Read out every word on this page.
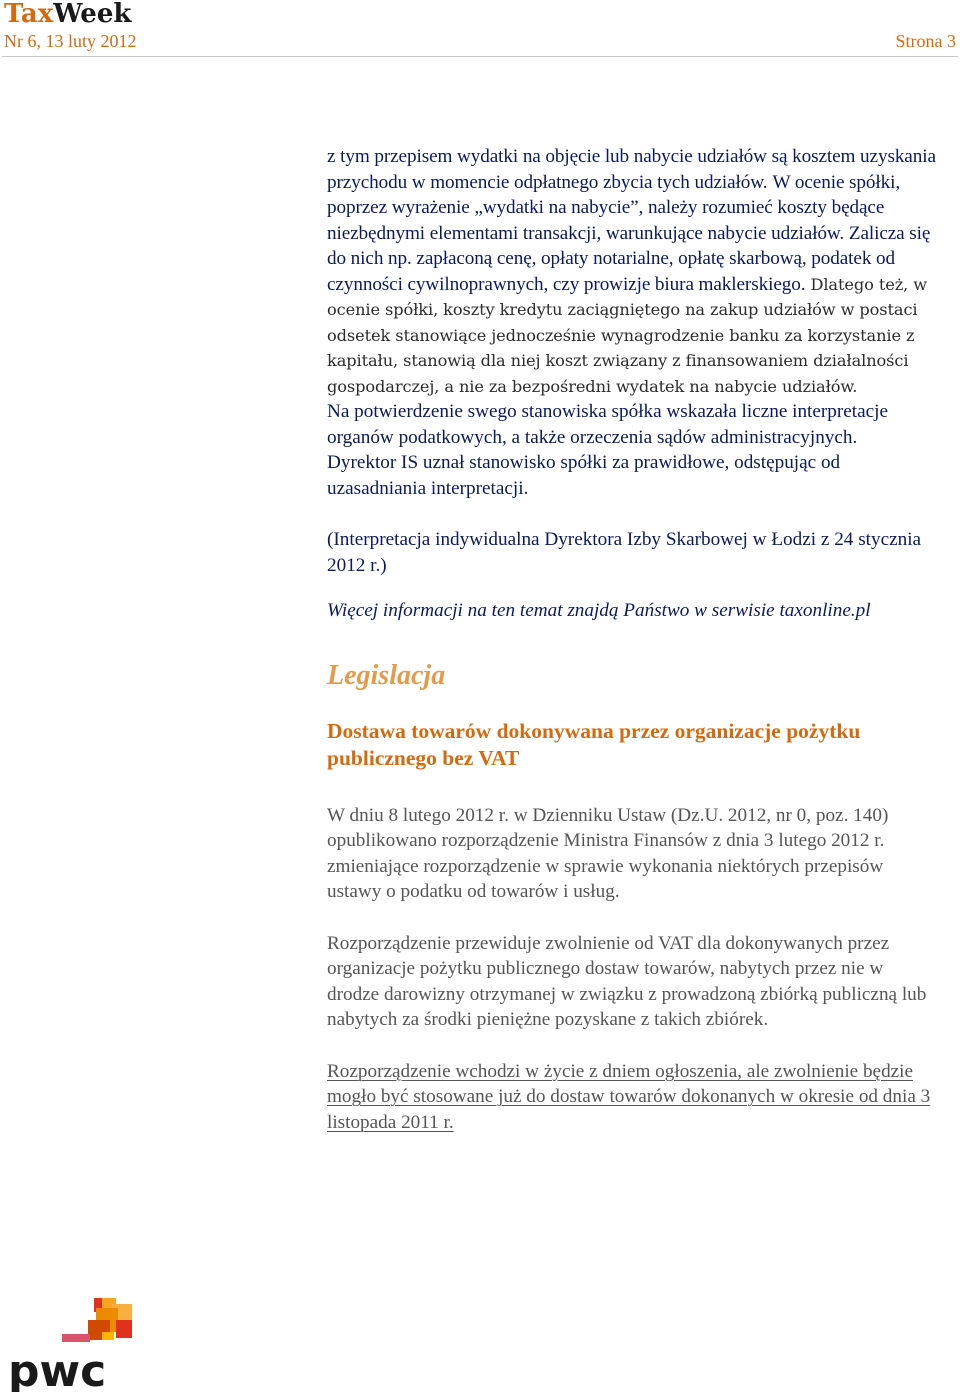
TaxWeek
Nr 6, 13 luty 2012	Strona 3

z tym przepisem wydatki na objęcie lub nabycie udziałów są kosztem uzyskania przychodu w momencie odpłatnego zbycia tych udziałów. W ocenie spółki, poprzez wyrażenie „wydatki na nabycie”, należy rozumieć koszty będące niezbędnymi elementami transakcji, warunkujące nabycie udziałów. Zalicza się do nich np. zapłaconą cenę, opłaty notarialne, opłatę skarbową, podatek od czynności cywilnoprawnych, czy prowizje biura maklerskiego. Dlatego też, w ocenie spółki, koszty kredytu zaciągniętego na zakup udziałów w postaci odsetek stanowiące jednocześnie wynagrodzenie banku za korzystanie z kapitału, stanowią dla niej koszt związany z finansowaniem działalności gospodarczej, a nie za bezpośredni wydatek na nabycie udziałów.

Na potwierdzenie swego stanowiska spółka wskazała liczne interpretacje organów podatkowych, a także orzeczenia sądów administracyjnych.

Dyrektor IS uznał stanowisko spółki za prawidłowe, odstępując od uzasadniania interpretacji.

(Interpretacja indywidualna Dyrektora Izby Skarbowej w Łodzi z 24 stycznia 2012 r.)

Więcej informacji na ten temat znajdą Państwo w serwisie taxonline.pl

Legislacja
Dostawa towarów dokonywana przez organizacje pożytku publicznego bez VAT

W dniu 8 lutego 2012 r. w Dzienniku Ustaw (Dz.U. 2012, nr 0, poz. 140) opublikowano rozporządzenie Ministra Finansów z dnia 3 lutego 2012 r. zmieniające rozporządzenie w sprawie wykonania niektórych przepisów ustawy o podatku od towarów i usług.

Rozporządzenie przewiduje zwolnienie od VAT dla dokonywanych przez organizacje pożytku publicznego dostaw towarów, nabytych przez nie w drodze darowizny otrzymanej w związku z prowadzoną zbiórką publiczną lub nabytych za środki pieniężne pozyskane z takich zbiórek.

Rozporządzenie wchodzi w życie z dniem ogłoszenia, ale zwolnienie będzie mogło być stosowane już do dostaw towarów dokonanych w okresie od dnia 3 listopada 2011 r.

pwc
